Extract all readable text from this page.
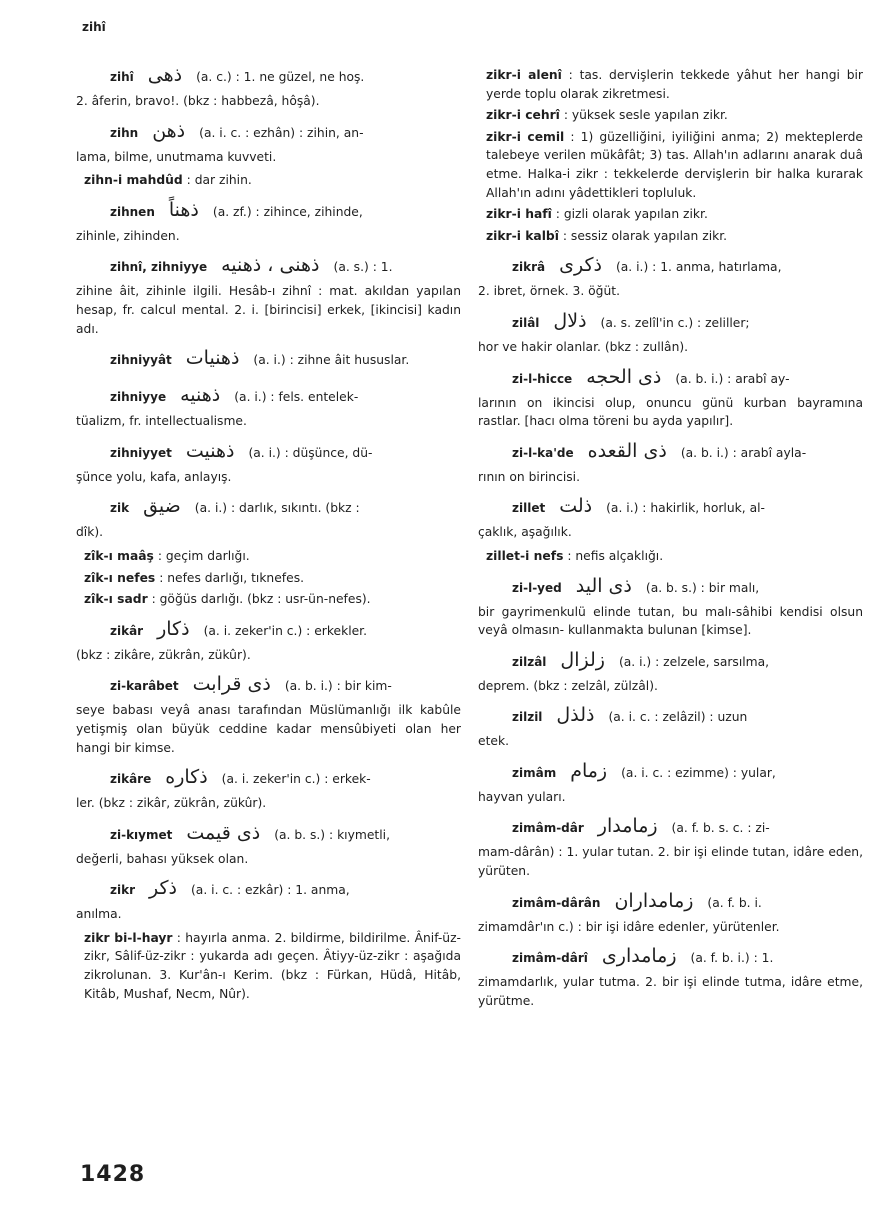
zihî
zihî ذهى (a. c.) : 1. ne güzel, ne hoş.
2. âferin, bravo!. (bkz : habbezâ, hôşâ).
zihn ذهن (a. i. c. : ezhân) : zihin, an-
lama, bilme, unutmama kuvveti.
zihn-i mahdûd : dar zihin.
zihnen ذهناً (a. zf.) : zihince, zihinde,
zihinle, zihinden.
zihnî, zihniyye ذهنى ، ذهنيه (a. s.) : 1.
zihine âit, zihinle ilgili. Hesâb-ı zihnî : mat. akıldan yapılan hesap, fr. calcul mental. 2. i. [birincisi] erkek, [ikincisi] kadın adı.
zihniyyât ذهنيات (a. i.) : zihne âit hususlar.
zihniyye ذهنيه (a. i.) : fels. entelek-
tüalizm, fr. intellectualisme.
zihniyyet ذهنيت (a. i.) : düşünce, dü-
şünce yolu, kafa, anlayış.
zik ضيق (a. i.) : darlık, sıkıntı. (bkz :
dîk).
zîk-ı maâş : geçim darlığı.
zîk-ı nefes : nefes darlığı, tıknefes.
zîk-ı sadr : göğüs darlığı. (bkz : usr-ün-nefes).
zikâr ذكار (a. i. zeker'in c.) : erkekler.
(bkz : zikâre, zükrân, zükûr).
zi-karâbet ذى قرابت (a. b. i.) : bir kim-
seye babası veyâ anası tarafından Müslümanlığı ilk kabûle yetişmiş olan büyük ceddine kadar mensûbiyeti olan her hangi bir kimse.
zikâre ذكاره (a. i. zeker'in c.) : erkek-
ler. (bkz : zikâr, zükrân, zükûr).
zi-kıymet ذى قيمت (a. b. s.) : kıymetli,
değerli, bahası yüksek olan.
zikr ذكر (a. i. c. : ezkâr) : 1. anma,
anılma.
zikr bi-l-hayr : hayırla anma. 2. bildirme, bildirilme. Ânif-üz-zikr, Sâlif-üz-zikr : yukarda adı geçen. Âtiyy-üz-zikr : aşağıda zikrolunan. 3. Kur'ân-ı Kerim. (bkz : Fürkan, Hüdâ, Hitâb, Kitâb, Mushaf, Necm, Nûr).
zikr-i alenî : tas. dervişlerin tekkede yâhut her hangi bir yerde toplu olarak zikretmesi.
zikr-i cehrî : yüksek sesle yapılan zikr.
zikr-i cemil : 1) güzelliğini, iyiliğini anma; 2) mekteplerde talebeye verilen mükâfât; 3) tas. Allah'ın adlarını anarak duâ etme. Halka-i zikr : tekkelerde dervişlerin bir halka kurarak Allah'ın adını yâdettikleri topluluk.
zikr-i hafî : gizli olarak yapılan zikr.
zikr-i kalbî : sessiz olarak yapılan zikr.
zikrâ ذكرى (a. i.) : 1. anma, hatırlama,
2. ibret, örnek. 3. öğüt.
zilâl ذلال (a. s. zelîl'in c.) : zeliller;
hor ve hakir olanlar. (bkz : zullân).
zi-l-hicce ذى الحجه (a. b. i.) : arabî ay-
larının on ikincisi olup, onuncu günü kurban bayramına rastlar. [hacı olma töreni bu ayda yapılır].
zi-l-ka'de ذى القعده (a. b. i.) : arabî ayla-
rının on birincisi.
zillet ذلت (a. i.) : hakirlik, horluk, al-
çaklık, aşağılık.
zillet-i nefs : nefis alçaklığı.
zi-l-yed ذى اليد (a. b. s.) : bir malı,
bir gayrimenkulü elinde tutan, bu malı-sâhibi kendisi olsun veyâ olmasın- kullanmakta bulunan [kimse].
zilzâl زلزال (a. i.) : zelzele, sarsılma,
deprem. (bkz : zelzâl, zülzâl).
zilzil ذلذل (a. i. c. : zelâzil) : uzun
etek.
zimâm زمام (a. i. c. : ezimme) : yular,
hayvan yuları.
zimâm-dâr زمامدار (a. f. b. s. c. : zi-
mam-dârân) : 1. yular tutan. 2. bir işi elinde tutan, idâre eden, yürüten.
zimâm-dârân زمامداران (a. f. b. i.
zimamdâr'ın c.) : bir işi idâre edenler, yürütenler.
zimâm-dârî زمامدارى (a. f. b. i.) : 1.
zimamdarlık, yular tutma. 2. bir işi elinde tutma, idâre etme, yürütme.
1428
